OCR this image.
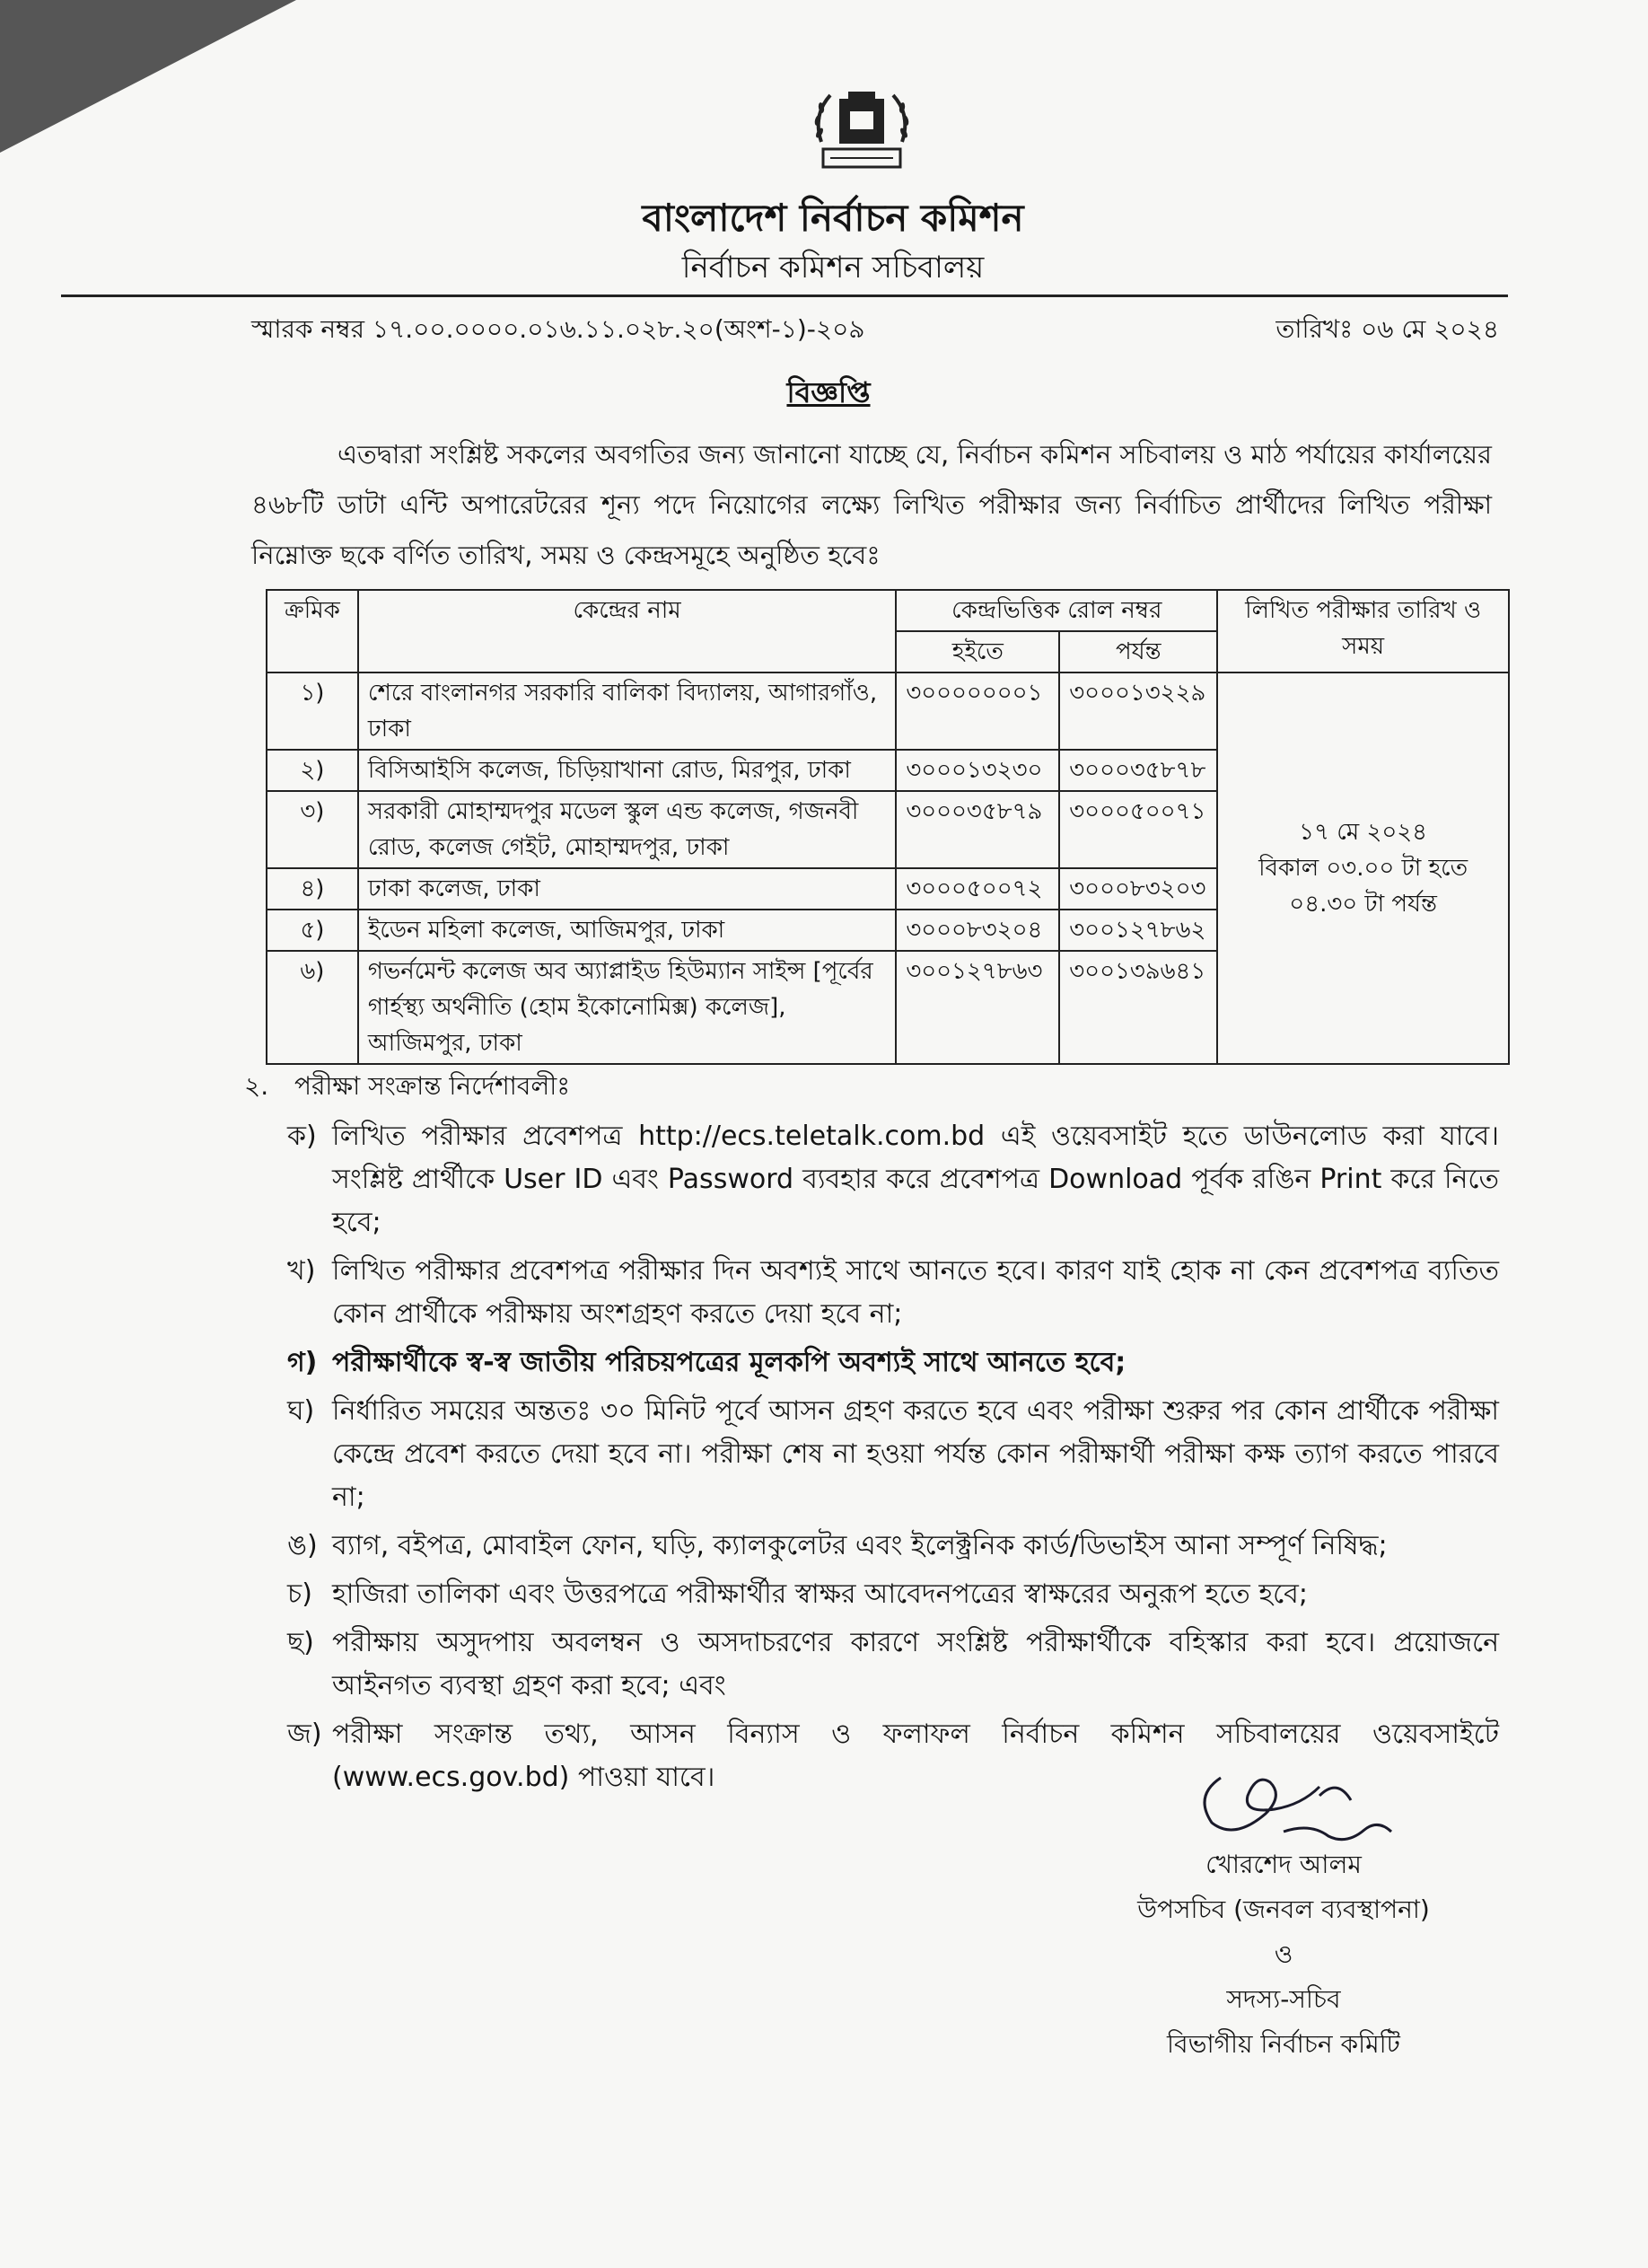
বাংলাদেশ নির্বাচন কমিশন
নির্বাচন কমিশন সচিবালয়
স্মারক নম্বর ১৭.০০.০০০০.০১৬.১১.০২৮.২০(অংশ-১)-২০৯	তারিখঃ ০৬ মে ২০২৪
বিজ্ঞপ্তি
এতদ্বারা সংশ্লিষ্ট সকলের অবগতির জন্য জানানো যাচ্ছে যে, নির্বাচন কমিশন সচিবালয় ও মাঠ পর্যায়ের কার্যালয়ের ৪৬৮টি ডাটা এন্টি অপারেটরের শূন্য পদে নিয়োগের লক্ষ্যে লিখিত পরীক্ষার জন্য নির্বাচিত প্রার্থীদের লিখিত পরীক্ষা নিম্নোক্ত ছকে বর্ণিত তারিখ, সময় ও কেন্দ্রসমূহে অনুষ্ঠিত হবেঃ
ক্রমিক	কেন্দ্রের নাম	কেন্দ্রভিত্তিক রোল নম্বর		লিখিত পরীক্ষার তারিখ ও সময়
		হইতে	পর্যন্ত	
১)	শেরে বাংলানগর সরকারি বালিকা বিদ্যালয়, আগারগাঁও, ঢাকা	৩০০০০০০০১	৩০০০১৩২২৯	১৭ মে ২০২৪
বিকাল ০৩.০০ টা হতে
০৪.৩০ টা পর্যন্ত

২)	বিসিআইসি কলেজ, চিড়িয়াখানা রোড, মিরপুর, ঢাকা	৩০০০১৩২৩০	৩০০০৩৫৮৭৮	
৩)	সরকারী মোহাম্মদপুর মডেল স্কুল এন্ড কলেজ, গজনবী রোড, কলেজ গেইট, মোহাম্মদপুর, ঢাকা	৩০০০৩৫৮৭৯	৩০০০৫০০৭১	
৪)	ঢাকা কলেজ, ঢাকা	৩০০০৫০০৭২	৩০০০৮৩২০৩	
৫)	ইডেন মহিলা কলেজ, আজিমপুর, ঢাকা	৩০০০৮৩২০৪	৩০০১২৭৮৬২	
৬)	গভর্নমেন্ট কলেজ অব অ্যাপ্লাইড হিউম্যান সাইন্স [পূর্বের গার্হস্থ্য অর্থনীতি (হোম ইকোনোমিক্স) কলেজ], আজিমপুর, ঢাকা	৩০০১২৭৮৬৩	৩০০১৩৯৬৪১	
২. পরীক্ষা সংক্রান্ত নির্দেশাবলীঃ
ক) লিখিত পরীক্ষার প্রবেশপত্র http://ecs.teletalk.com.bd এই ওয়েবসাইট হতে ডাউনলোড করা যাবে। সংশ্লিষ্ট প্রার্থীকে User ID এবং Password ব্যবহার করে প্রবেশপত্র Download পূর্বক রঙিন Print করে নিতে হবে;
খ) লিখিত পরীক্ষার প্রবেশপত্র পরীক্ষার দিন অবশ্যই সাথে আনতে হবে। কারণ যাই হোক না কেন প্রবেশপত্র ব্যতিত কোন প্রার্থীকে পরীক্ষায় অংশগ্রহণ করতে দেয়া হবে না;
গ) পরীক্ষার্থীকে স্ব-স্ব জাতীয় পরিচয়পত্রের মূলকপি অবশ্যই সাথে আনতে হবে;
ঘ) নির্ধারিত সময়ের অন্ততঃ ৩০ মিনিট পূর্বে আসন গ্রহণ করতে হবে এবং পরীক্ষা শুরুর পর কোন প্রার্থীকে পরীক্ষা কেন্দ্রে প্রবেশ করতে দেয়া হবে না। পরীক্ষা শেষ না হওয়া পর্যন্ত কোন পরীক্ষার্থী পরীক্ষা কক্ষ ত্যাগ করতে পারবে না;
ঙ) ব্যাগ, বইপত্র, মোবাইল ফোন, ঘড়ি, ক্যালকুলেটর এবং ইলেক্ট্রনিক কার্ড/ডিভাইস আনা সম্পূর্ণ নিষিদ্ধ;
চ) হাজিরা তালিকা এবং উত্তরপত্রে পরীক্ষার্থীর স্বাক্ষর আবেদনপত্রের স্বাক্ষরের অনুরূপ হতে হবে;
ছ) পরীক্ষায় অসুদপায় অবলম্বন ও অসদাচরণের কারণে সংশ্লিষ্ট পরীক্ষার্থীকে বহিস্কার করা হবে। প্রয়োজনে আইনগত ব্যবস্থা গ্রহণ করা হবে; এবং
জ) পরীক্ষা সংক্রান্ত তথ্য, আসন বিন্যাস ও ফলাফল নির্বাচন কমিশন সচিবালয়ের ওয়েবসাইটে (www.ecs.gov.bd) পাওয়া যাবে।
খোরশেদ আলম
উপসচিব (জনবল ব্যবস্থাপনা)
ও
সদস্য-সচিব
বিভাগীয় নির্বাচন কমিটি
